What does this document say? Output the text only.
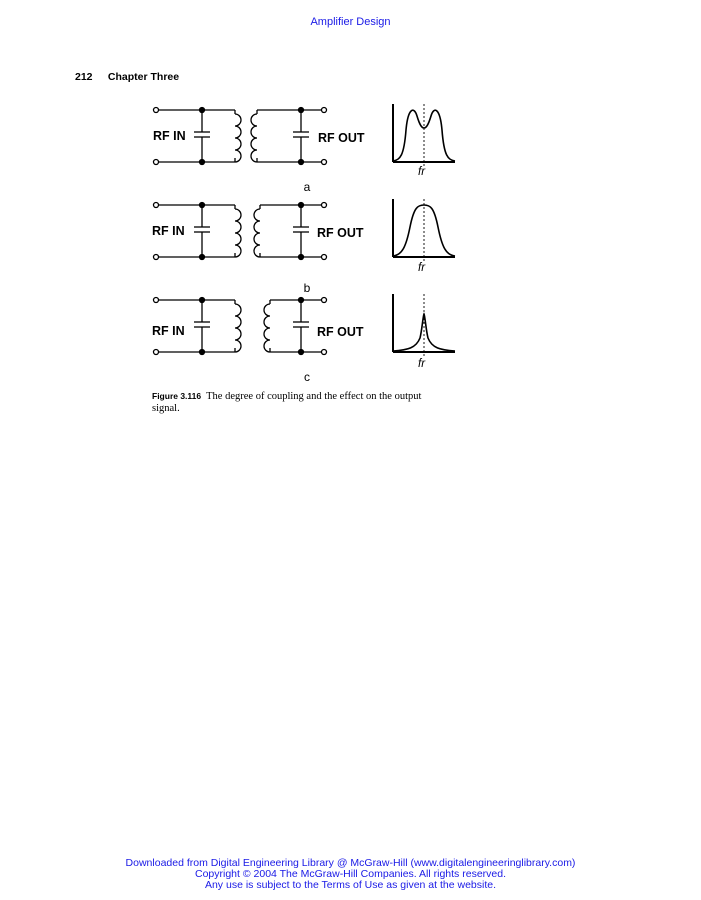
Amplifier Design
212 Chapter Three
RF IN	RF OUT
RF IN	RF OUT
RF IN	RF OUT
fr
fr
fr
a
b
c
Figure 3.116 The degree of coupling and the effect on the output signal.
Downloaded from Digital Engineering Library @ McGraw-Hill (www.digitalengineeringlibrary.com)
Copyright © 2004 The McGraw-Hill Companies. All rights reserved.
Any use is subject to the Terms of Use as given at the website.
